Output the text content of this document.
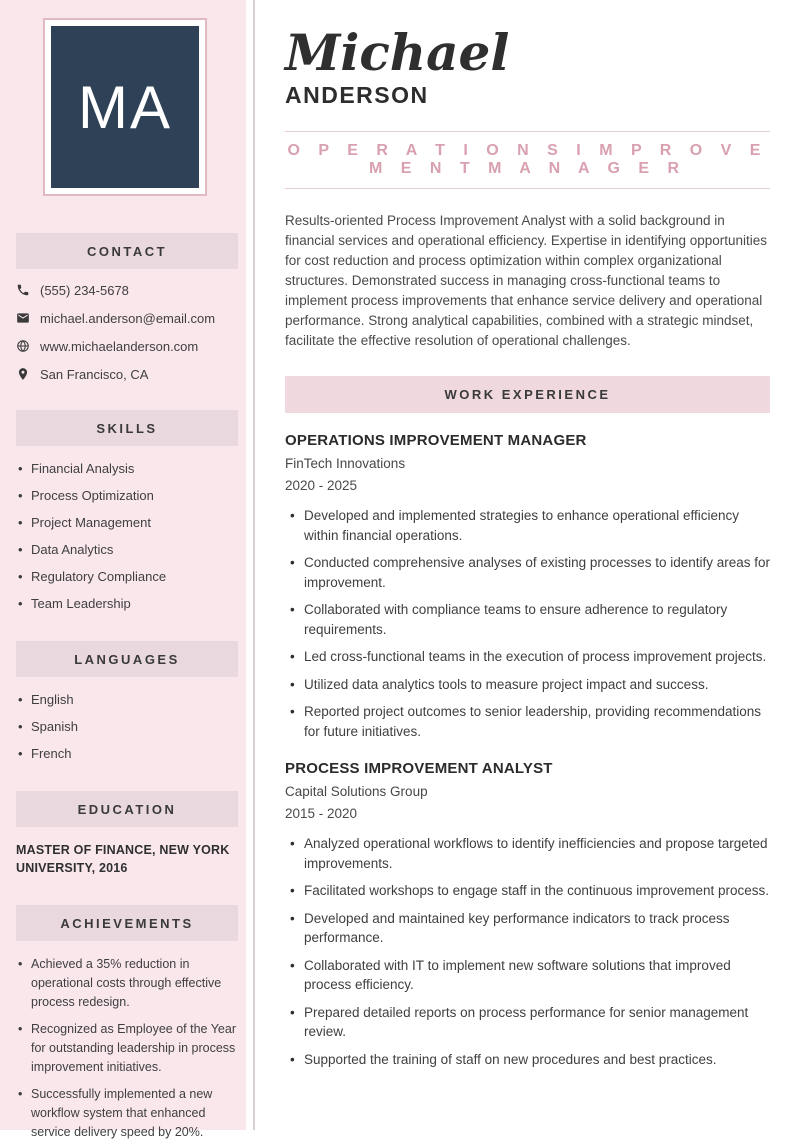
MA
CONTACT
(555) 234-5678
michael.anderson@email.com
www.michaelanderson.com
San Francisco, CA
SKILLS
• Financial Analysis
• Process Optimization
• Project Management
• Data Analytics
• Regulatory Compliance
• Team Leadership
LANGUAGES
• English
• Spanish
• French
EDUCATION

MASTER OF FINANCE, NEW YORK UNIVERSITY, 2016

ACHIEVEMENTS
• Achieved a 35% reduction in operational costs through effective process redesign.
• Recognized as Employee of the Year for outstanding leadership in process improvement initiatives.
• Successfully implemented a new workflow system that enhanced service delivery speed by 20%.
Michael
ANDERSON
O P E R A T I O N S I M P R O V E M E N T M A N A G E R

Results-oriented Process Improvement Analyst with a solid background in financial services and operational efficiency. Expertise in identifying opportunities for cost reduction and process optimization within complex organizational structures. Demonstrated success in managing cross-functional teams to implement process improvements that enhance service delivery and operational performance. Strong analytical capabilities, combined with a strategic mindset, facilitate the effective resolution of operational challenges.

WORK EXPERIENCE
OPERATIONS IMPROVEMENT MANAGER
FinTech Innovations
2020 - 2025
• Developed and implemented strategies to enhance operational efficiency within financial operations.
• Conducted comprehensive analyses of existing processes to identify areas for improvement.
• Collaborated with compliance teams to ensure adherence to regulatory requirements.
• Led cross-functional teams in the execution of process improvement projects.
• Utilized data analytics tools to measure project impact and success.
• Reported project outcomes to senior leadership, providing recommendations for future initiatives.
PROCESS IMPROVEMENT ANALYST
Capital Solutions Group
2015 - 2020
• Analyzed operational workflows to identify inefficiencies and propose targeted improvements.
• Facilitated workshops to engage staff in the continuous improvement process.
• Developed and maintained key performance indicators to track process performance.
• Collaborated with IT to implement new software solutions that improved process efficiency.
• Prepared detailed reports on process performance for senior management review.
• Supported the training of staff on new procedures and best practices.
